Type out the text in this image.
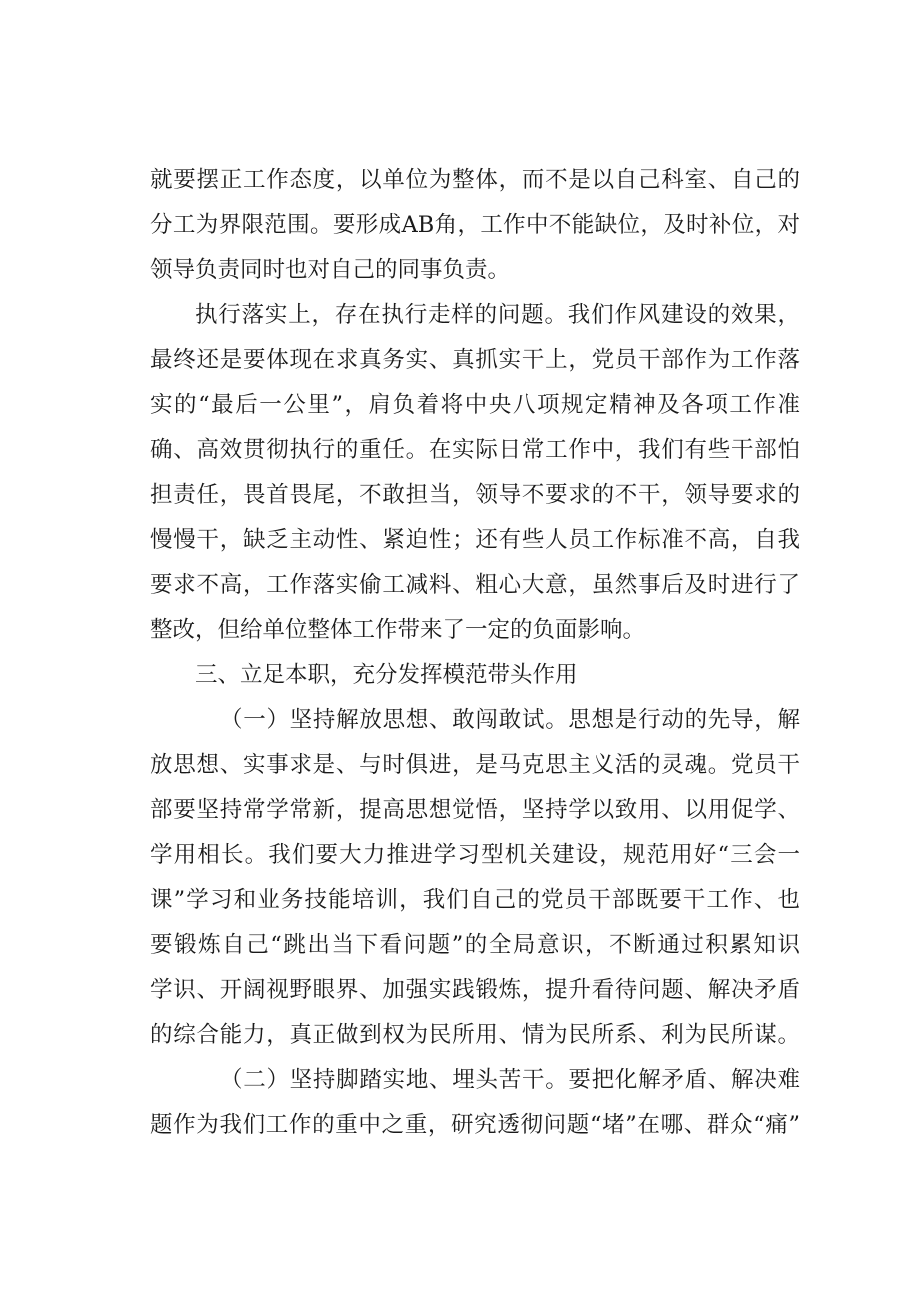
就要摆正工作态度，以单位为整体，而不是以自己科室、自己的
分工为界限范围。要形成AB角，工作中不能缺位，及时补位，对
领导负责同时也对自己的同事负责。
执行落实上，存在执行走样的问题。我们作风建设的效果，
最终还是要体现在求真务实、真抓实干上，党员干部作为工作落
实的“最后一公里”，肩负着将中央八项规定精神及各项工作准
确、高效贯彻执行的重任。在实际日常工作中，我们有些干部怕
担责任，畏首畏尾，不敢担当，领导不要求的不干，领导要求的
慢慢干，缺乏主动性、紧迫性；还有些人员工作标准不高，自我
要求不高，工作落实偷工减料、粗心大意，虽然事后及时进行了
整改，但给单位整体工作带来了一定的负面影响。
三、立足本职，充分发挥模范带头作用
（一）坚持解放思想、敢闯敢试。思想是行动的先导，解
放思想、实事求是、与时俱进，是马克思主义活的灵魂。党员干
部要坚持常学常新，提高思想觉悟，坚持学以致用、以用促学、
学用相长。我们要大力推进学习型机关建设，规范用好“三会一
课”学习和业务技能培训，我们自己的党员干部既要干工作、也
要锻炼自己“跳出当下看问题”的全局意识，不断通过积累知识
学识、开阔视野眼界、加强实践锻炼，提升看待问题、解决矛盾
的综合能力，真正做到权为民所用、情为民所系、利为民所谋。
（二）坚持脚踏实地、埋头苦干。要把化解矛盾、解决难
题作为我们工作的重中之重，研究透彻问题“堵”在哪、群众“痛”
